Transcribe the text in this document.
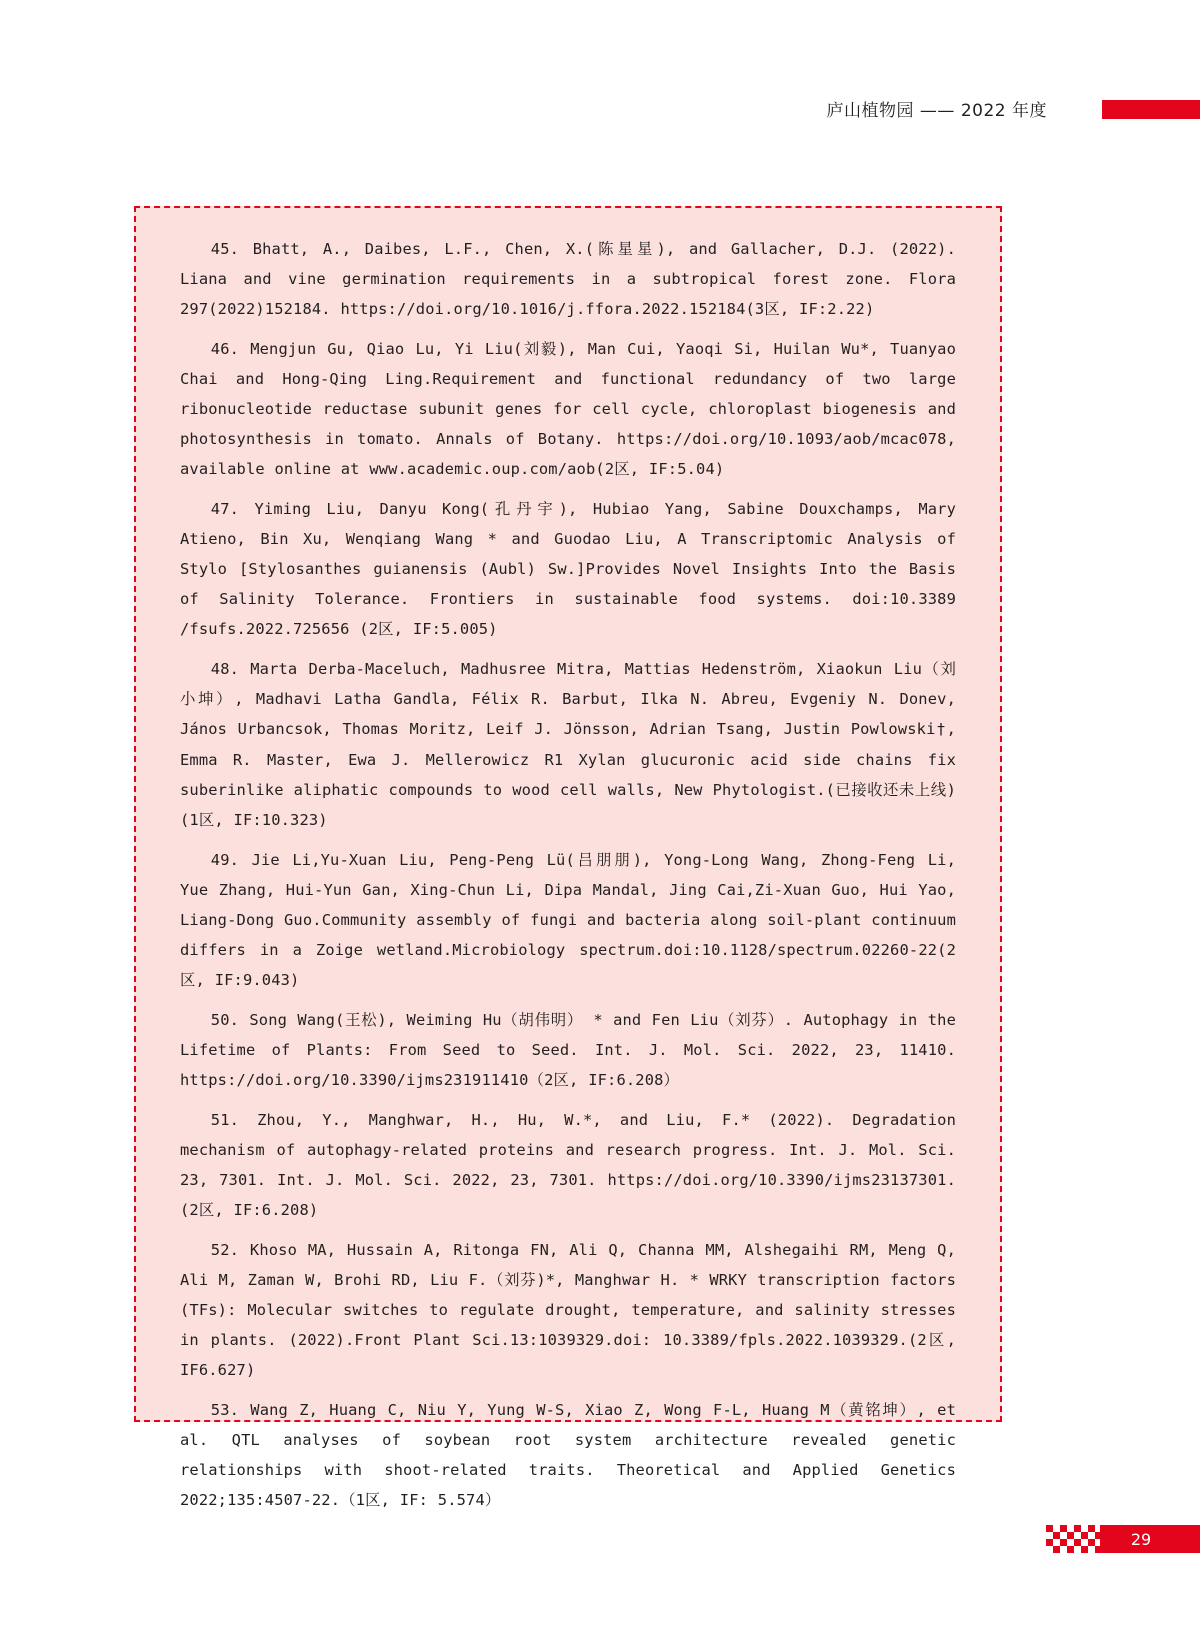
庐山植物园 —— 2022 年度

45. Bhatt, A., Daibes, L.F., Chen, X.(陈星星), and Gallacher, D.J. (2022). Liana and vine germination requirements in a subtropical forest zone. Flora 297(2022)152184. https://doi.org/10.1016/j.ffora.2022.152184(3区, IF:2.22)

46. Mengjun Gu, Qiao Lu, Yi Liu(刘毅), Man Cui, Yaoqi Si, Huilan Wu*, Tuanyao Chai and Hong-Qing Ling.Requirement and functional redundancy of two large ribonucleotide reductase subunit genes for cell cycle, chloroplast biogenesis and photosynthesis in tomato. Annals of Botany. https://doi.org/10.1093/aob/mcac078, available online at www.academic.oup.com/aob(2区, IF:5.04)

47. Yiming Liu, Danyu Kong(孔丹宇), Hubiao Yang, Sabine Douxchamps, Mary Atieno, Bin Xu, Wenqiang Wang * and Guodao Liu, A Transcriptomic Analysis of Stylo [Stylosanthes guianensis (Aubl) Sw.]Provides Novel Insights Into the Basis of Salinity Tolerance. Frontiers in sustainable food systems. doi:10.3389 /fsufs.2022.725656 (2区, IF:5.005)

48. Marta Derba-Maceluch, Madhusree Mitra, Mattias Hedenström, Xiaokun Liu（刘小坤）, Madhavi Latha Gandla, Félix R. Barbut, Ilka N. Abreu, Evgeniy N. Donev, János Urbancsok, Thomas Moritz, Leif J. Jönsson, Adrian Tsang, Justin Powlowski†, Emma R. Master, Ewa J. Mellerowicz R1 Xylan glucuronic acid side chains fix suberinlike aliphatic compounds to wood cell walls, New Phytologist.(已接收还未上线)(1区, IF:10.323)

49. Jie Li,Yu-Xuan Liu, Peng-Peng Lü(吕朋朋), Yong-Long Wang, Zhong-Feng Li, Yue Zhang, Hui-Yun Gan, Xing-Chun Li, Dipa Mandal, Jing Cai,Zi-Xuan Guo, Hui Yao, Liang-Dong Guo.Community assembly of fungi and bacteria along soil-plant continuum differs in a Zoige wetland.Microbiology spectrum.doi:10.1128/spectrum.02260-22(2区, IF:9.043)

50. Song Wang(王松), Weiming Hu（胡伟明） * and Fen Liu（刘芬）. Autophagy in the Lifetime of Plants: From Seed to Seed. Int. J. Mol. Sci. 2022, 23, 11410. https://doi.org/10.3390/ijms231911410（2区, IF:6.208）

51. Zhou, Y., Manghwar, H., Hu, W.*, and Liu, F.* (2022). Degradation mechanism of autophagy-related proteins and research progress. Int. J. Mol. Sci. 23, 7301. Int. J. Mol. Sci. 2022, 23, 7301. https://doi.org/10.3390/ijms23137301.(2区, IF:6.208)

52. Khoso MA, Hussain A, Ritonga FN, Ali Q, Channa MM, Alshegaihi RM, Meng Q, Ali M, Zaman W, Brohi RD, Liu F.（刘芬)*, Manghwar H. * WRKY transcription factors (TFs): Molecular switches to regulate drought, temperature, and salinity stresses in plants. (2022).Front Plant Sci.13:1039329.doi: 10.3389/fpls.2022.1039329.(2区, IF6.627)

53. Wang Z, Huang C, Niu Y, Yung W-S, Xiao Z, Wong F-L, Huang M（黄铭坤）, et al. QTL analyses of soybean root system architecture revealed genetic relationships with shoot-related traits. Theoretical and Applied Genetics 2022;135:4507-22.（1区, IF: 5.574）

29
